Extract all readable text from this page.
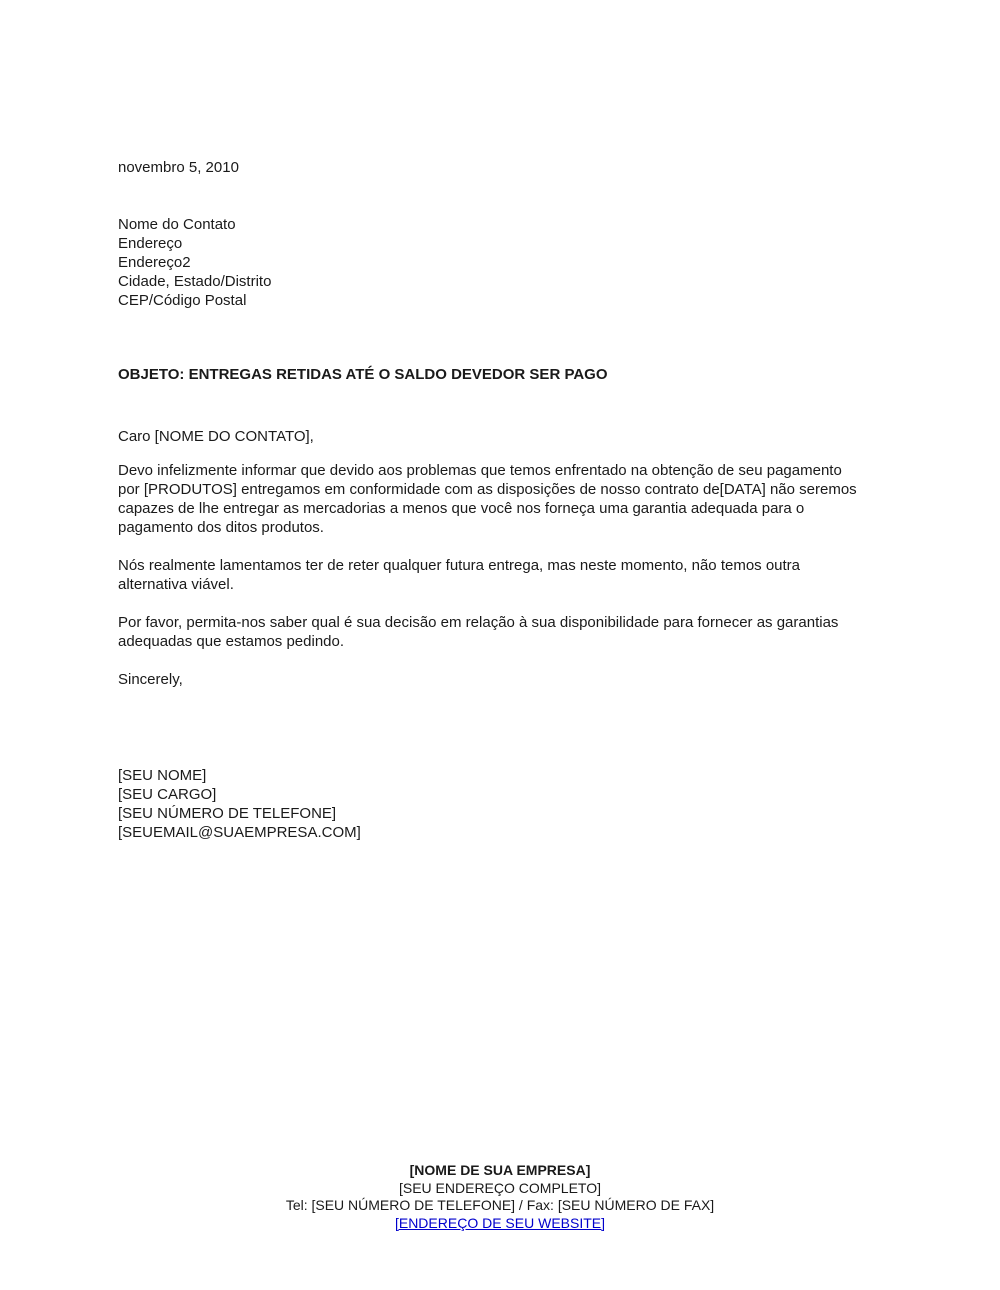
novembro 5, 2010

Nome do Contato
Endereço
Endereço2
Cidade, Estado/Distrito
CEP/Código Postal

OBJETO: ENTREGAS RETIDAS ATÉ O SALDO DEVEDOR SER PAGO

Caro [NOME DO CONTATO],

Devo infelizmente informar que devido aos problemas que temos enfrentado na obtenção de seu pagamento por [PRODUTOS] entregamos em conformidade com as disposições de nosso contrato de[DATA] não seremos capazes de lhe entregar as mercadorias a menos que você nos forneça uma garantia adequada para o pagamento dos ditos produtos.

Nós realmente lamentamos ter de reter qualquer futura entrega, mas neste momento, não temos outra alternativa viável.

Por favor, permita-nos saber qual é sua decisão em relação à sua disponibilidade para fornecer as garantias adequadas que estamos pedindo.

Sincerely,

[SEU NOME]
[SEU CARGO]
[SEU NÚMERO DE TELEFONE]
[SEUEMAIL@SUAEMPRESA.COM]
[NOME DE SUA EMPRESA]
[SEU ENDEREÇO COMPLETO]
Tel: [SEU NÚMERO DE TELEFONE] / Fax: [SEU NÚMERO DE FAX]
[ENDEREÇO DE SEU WEBSITE]
